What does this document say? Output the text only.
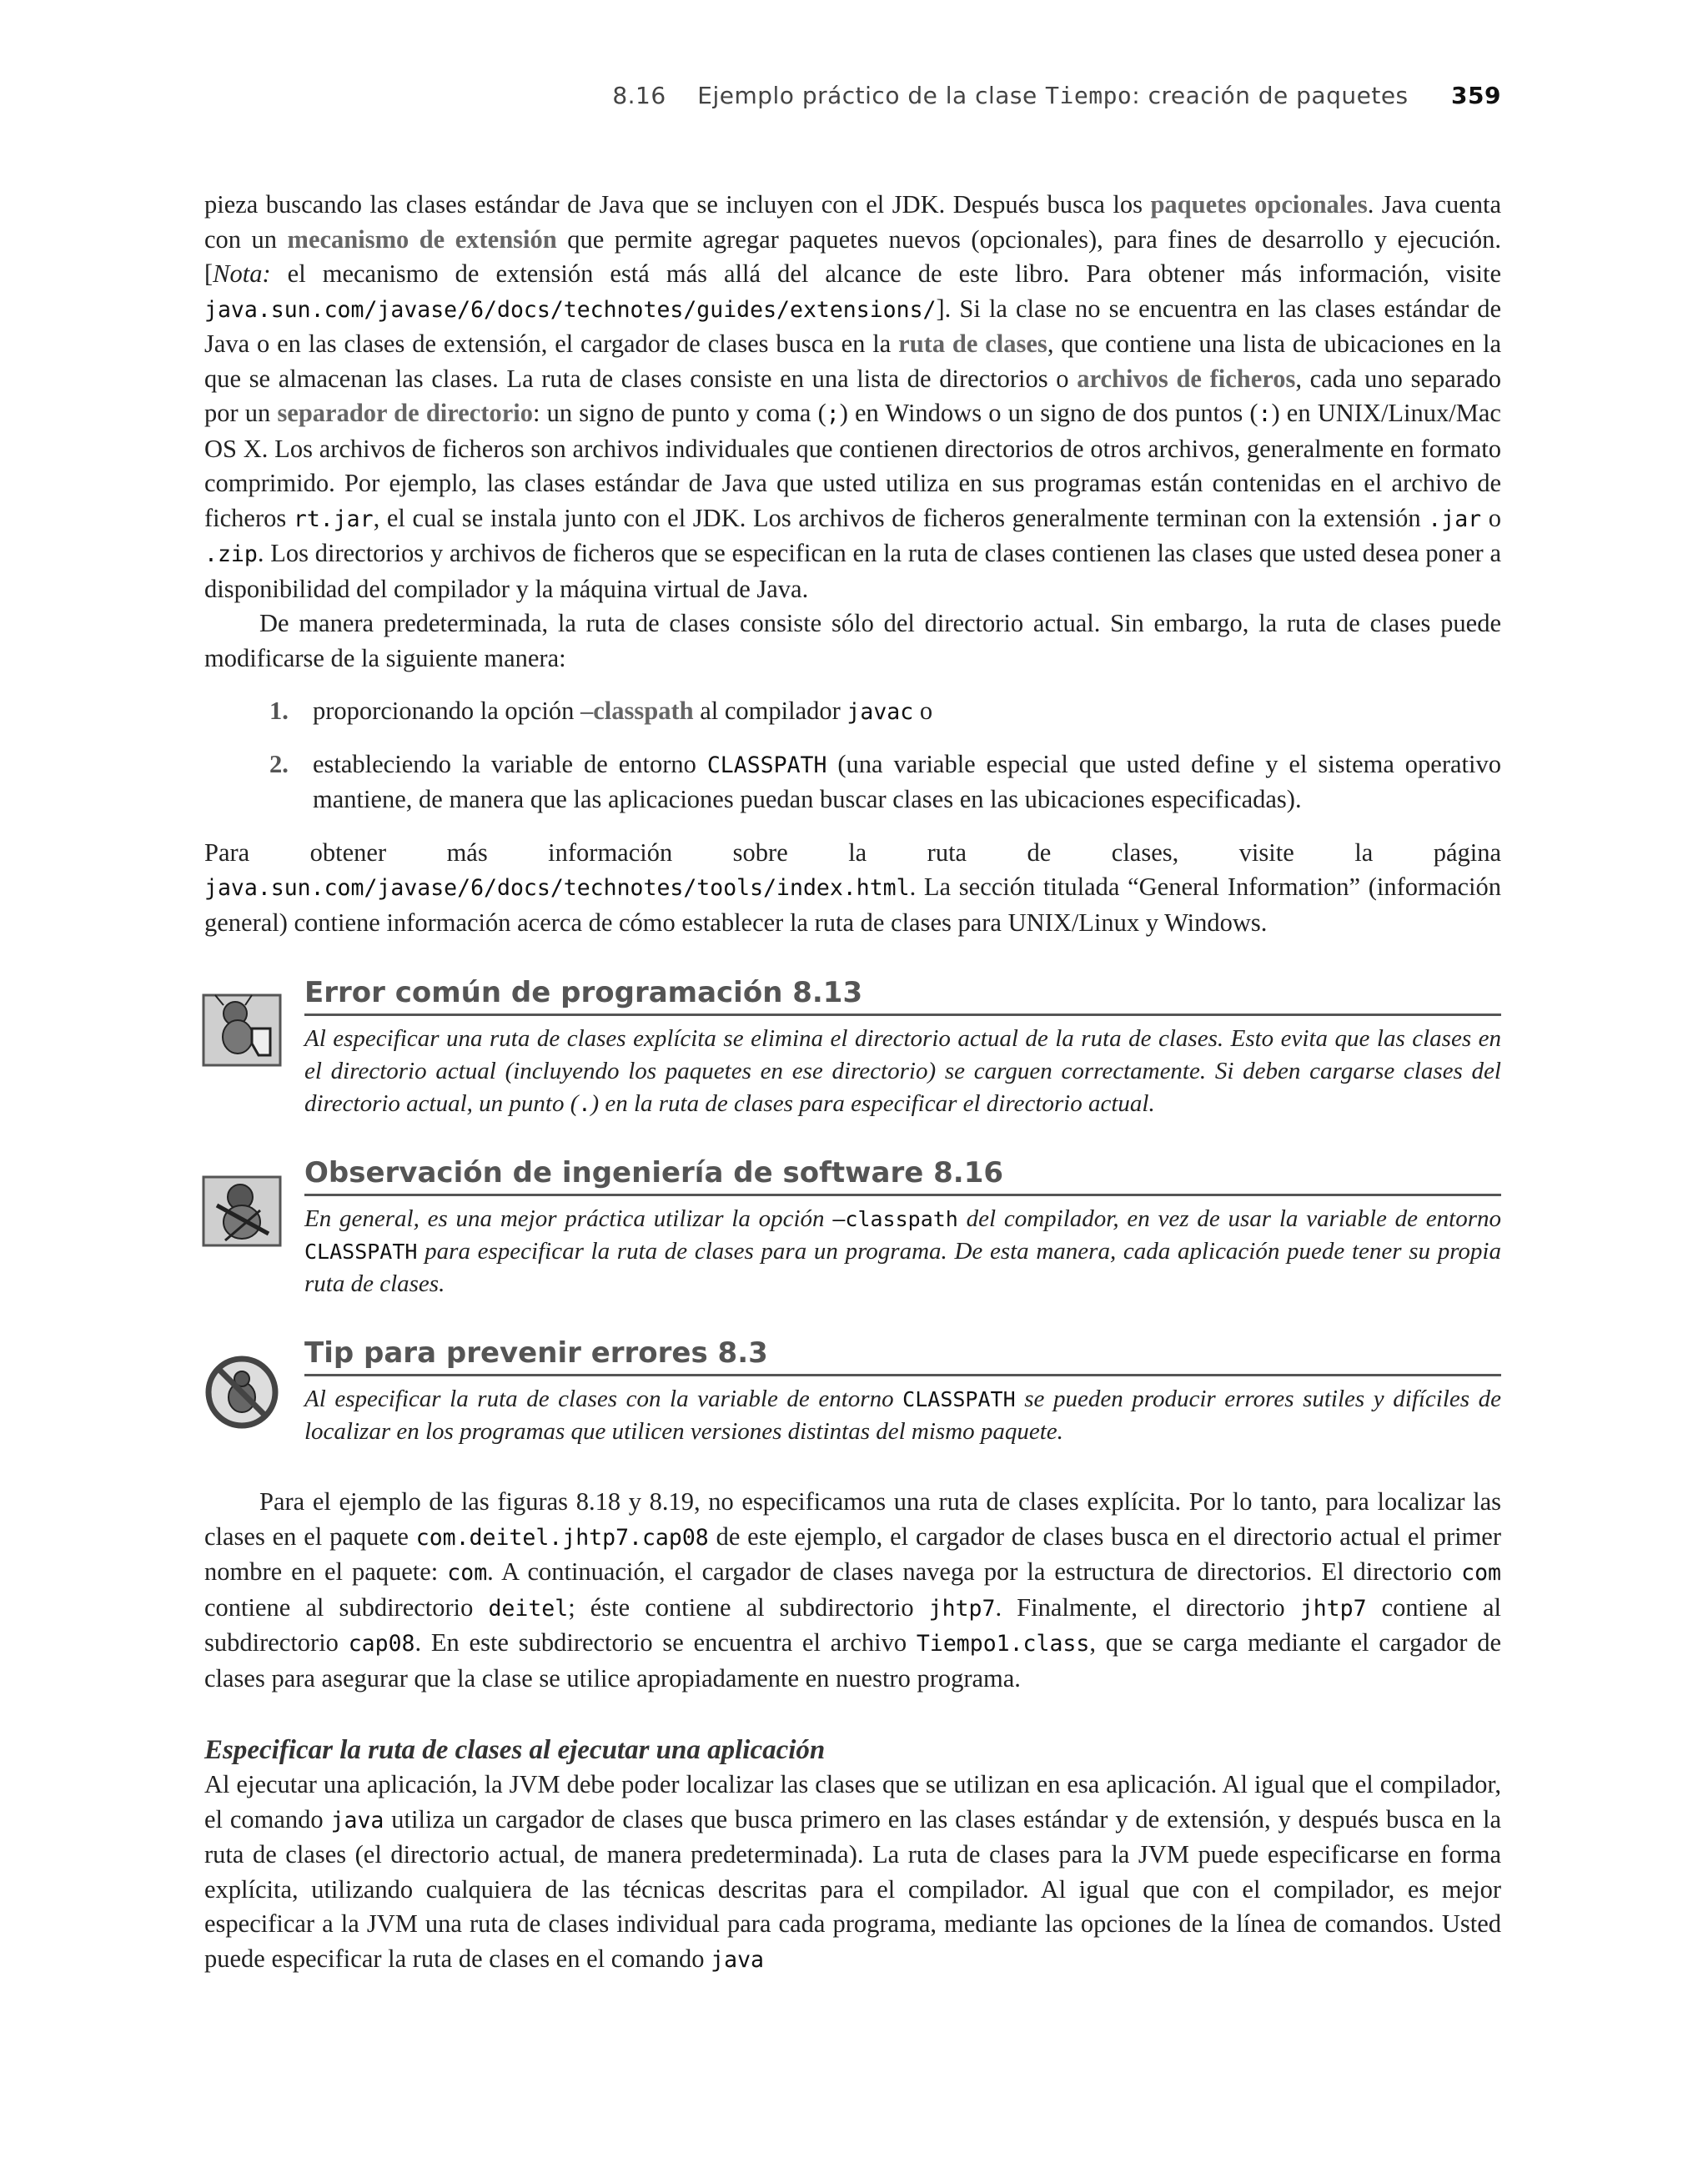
8.16 Ejemplo práctico de la clase Tiempo: creación de paquetes 359

pieza buscando las clases estándar de Java que se incluyen con el JDK. Después busca los paquetes opcionales. Java cuenta con un mecanismo de extensión que permite agregar paquetes nuevos (opcionales), para fines de desarrollo y ejecución. [Nota: el mecanismo de extensión está más allá del alcance de este libro. Para obtener más información, visite java.sun.com/javase/6/docs/technotes/guides/extensions/]. Si la clase no se encuentra en las clases estándar de Java o en las clases de extensión, el cargador de clases busca en la ruta de clases, que contiene una lista de ubicaciones en la que se almacenan las clases. La ruta de clases consiste en una lista de directorios o archivos de ficheros, cada uno separado por un separador de directorio: un signo de punto y coma (;) en Windows o un signo de dos puntos (:) en UNIX/Linux/Mac OS X. Los archivos de ficheros son archivos individuales que contienen directorios de otros archivos, generalmente en formato comprimido. Por ejemplo, las clases estándar de Java que usted utiliza en sus programas están contenidas en el archivo de ficheros rt.jar, el cual se instala junto con el JDK. Los archivos de ficheros generalmente terminan con la extensión .jar o .zip. Los directorios y archivos de ficheros que se especifican en la ruta de clases contienen las clases que usted desea poner a disponibilidad del compilador y la máquina virtual de Java.

De manera predeterminada, la ruta de clases consiste sólo del directorio actual. Sin embargo, la ruta de clases puede modificarse de la siguiente manera:

1. proporcionando la opción –classpath al compilador javac o
2. estableciendo la variable de entorno CLASSPATH (una variable especial que usted define y el sistema operativo mantiene, de manera que las aplicaciones puedan buscar clases en las ubicaciones especificadas).

Para obtener más información sobre la ruta de clases, visite la página java.sun.com/javase/6/docs/technotes/tools/index.html. La sección titulada “General Information” (información general) contiene información acerca de cómo establecer la ruta de clases para UNIX/Linux y Windows.

Error común de programación 8.13
Al especificar una ruta de clases explícita se elimina el directorio actual de la ruta de clases. Esto evita que las clases en el directorio actual (incluyendo los paquetes en ese directorio) se carguen correctamente. Si deben cargarse clases del directorio actual, un punto (.) en la ruta de clases para especificar el directorio actual.
Observación de ingeniería de software 8.16
En general, es una mejor práctica utilizar la opción –classpath del compilador, en vez de usar la variable de entorno CLASSPATH para especificar la ruta de clases para un programa. De esta manera, cada aplicación puede tener su propia ruta de clases.
Tip para prevenir errores 8.3
Al especificar la ruta de clases con la variable de entorno CLASSPATH se pueden producir errores sutiles y difíciles de localizar en los programas que utilicen versiones distintas del mismo paquete.

Para el ejemplo de las figuras 8.18 y 8.19, no especificamos una ruta de clases explícita. Por lo tanto, para localizar las clases en el paquete com.deitel.jhtp7.cap08 de este ejemplo, el cargador de clases busca en el directorio actual el primer nombre en el paquete: com. A continuación, el cargador de clases navega por la estructura de directorios. El directorio com contiene al subdirectorio deitel; éste contiene al subdirectorio jhtp7. Finalmente, el directorio jhtp7 contiene al subdirectorio cap08. En este subdirectorio se encuentra el archivo Tiempo1.class, que se carga mediante el cargador de clases para asegurar que la clase se utilice apropiadamente en nuestro programa.

Especificar la ruta de clases al ejecutar una aplicación

Al ejecutar una aplicación, la JVM debe poder localizar las clases que se utilizan en esa aplicación. Al igual que el compilador, el comando java utiliza un cargador de clases que busca primero en las clases estándar y de extensión, y después busca en la ruta de clases (el directorio actual, de manera predeterminada). La ruta de clases para la JVM puede especificarse en forma explícita, utilizando cualquiera de las técnicas descritas para el compilador. Al igual que con el compilador, es mejor especificar a la JVM una ruta de clases individual para cada programa, mediante las opciones de la línea de comandos. Usted puede especificar la ruta de clases en el comando java
